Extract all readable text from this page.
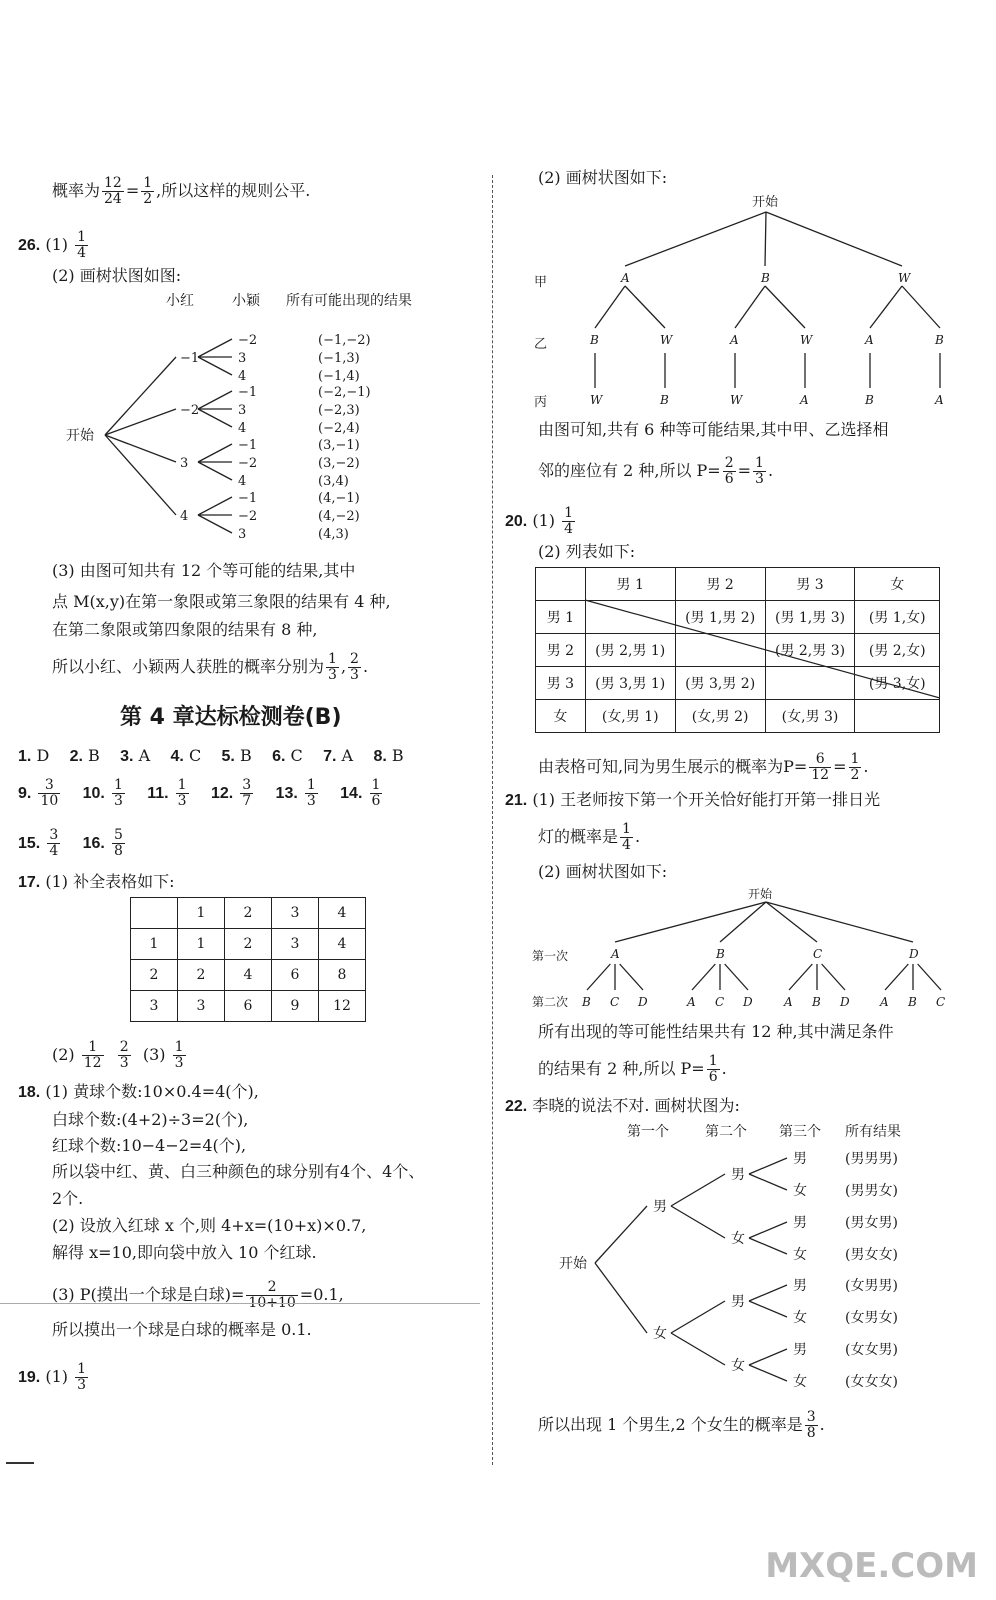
概率为 $\frac{12}{24} = \frac{1}{2}$ ,所以这样的规则公平.
26. $(1) \frac{1}{4}$
(2) 画树状图如图:
小红	小颖 所有可能出现的结果
开始
−1
−2
3
4
−2
−1
3
4
3
−1
−2
4
4
−1
−2
3
(−1,−2)
(−1,3)
(−1,4)
(−2,−1)
(−2,3)
(−2,4)
(3,−1)
(3,−2)
(3,4)
(4,−1)
(4,−2)
(4,3)
(3) 由图可知共有 12 个等可能的结果,其中
点 M(x,y)在第一象限或第三象限的结果有 4 种,
在第二象限或第四象限的结果有 8 种,
所以小红、小颖两人获胜的概率分别为 $\frac{1}{3}$ , $\frac{2}{3}$ .
第 4 章达标检测卷(B)
1. D 2. B 3. A 4. C 5. B 6. C 7. A 8. B
9. $\frac{3}{10} 10$. $\frac{1}{3} 11$. $\frac{1}{3} 12$. $\frac{3}{7} 13$. $\frac{1}{3} 14$. $\frac{1}{6}$

15. $\frac{3}{4} 16$. $\frac{5}{8}$

17. (1) 补全表格如下:
	1	2	3	4
1	1	2	3	4
2	2	4	6	8
3	3	6	9	12
$(2) \frac{1}{12}$
$\frac{2}{3} (3) \frac{1}{3}$
18. (1) 黄球个数:10×0.4=4(个),
白球个数:(4+2)÷3=2(个),
红球个数:10−4−2=4(个),
所以袋中红、黄、白三种颜色的球分别有4个、4个、
2个.
(2) 设放入红球 x 个,则 4+x=(10+x)×0.7,
解得 x=10,即向袋中放入 10 个红球.
(3) P(摸出一个球是白球)= $\frac{2}{10+10} =0.1$,
所以摸出一个球是白球的概率是 0.1.
19. $(1) \frac{1}{3}$
(2) 画树状图如下:
开始
甲
乙
丙
A	B	W
B
W
W
B
A
W
W
A
A
B
B
A
由图可知,共有 6 种等可能结果,其中甲、乙选择相
邻的座位有 2 种,所以 $P= \frac{2}{6} = \frac{1}{3}$ .
20. $(1) \frac{1}{4}$
(2) 列表如下:
	男 1	男 2	男 3	女
男 1		(男 1,男 2)	(男 1,男 3)	(男 1,女)
男 2	(男 2,男 1)		(男 2,男 3)	(男 2,女)
男 3	(男 3,男 1)	(男 3,男 2)		(男 3,女)
女	(女,男 1)	(女,男 2)	(女,男 3)	
由表格可知,同为男生展示的概率为$P= \frac{6}{12} = \frac{1}{2}$ .
21. (1) 王老师按下第一个开关恰好能打开第一排日光
灯的概率是 $\frac{1}{4}$ .
(2) 画树状图如下:
开始
第一次
第二次
A
B C D
B
A C D
C
A B D
D
A B C
所有出现的等可能性结果共有 12 种,其中满足条件
的结果有 2 种,所以 $P= \frac{1}{6}$ .
22. 李晓的说法不对. 画树状图为:
第一个	第二个 第三个 所有结果
开始
男
女
男
女
男
女
男	(男男男)
女	(男男女)
男	(男女男)
女	(男女女)
男	(女男男)
女	(女男女)
男	(女女男)
女	(女女女)
所以出现 1 个男生,2 个女生的概率是 $\frac{3}{8}$ .
MXQE.COM
